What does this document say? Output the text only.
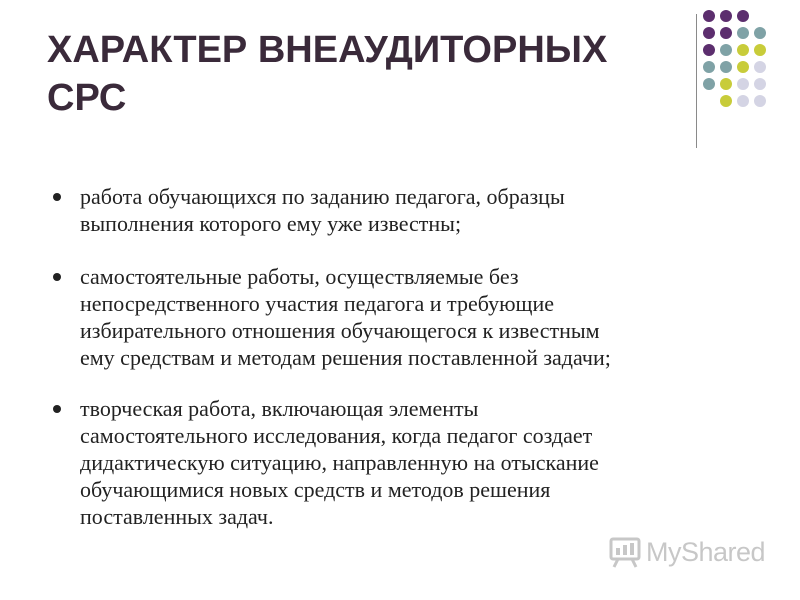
ХАРАКТЕР ВНЕАУДИТОРНЫХ
СРС
работа обучающихся по заданию педагога, образцы
выполнения которого ему уже известны;
самостоятельные работы, осуществляемые без
непосредственного участия педагога и требующие
избирательного отношения обучающегося к известным
ему средствам и методам решения поставленной задачи;
творческая работа, включающая элементы
самостоятельного исследования, когда педагог создает
дидактическую ситуацию, направленную на отыскание
обучающимися новых средств и методов решения
поставленных задач.
MyShared
